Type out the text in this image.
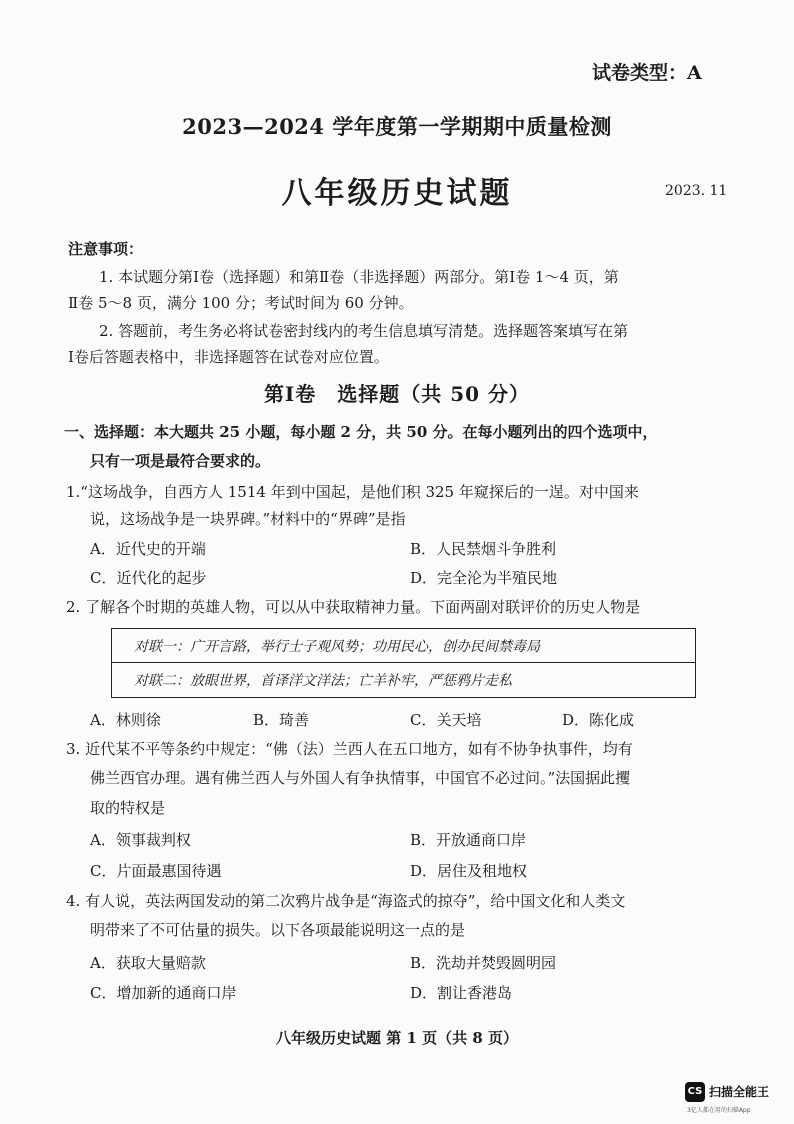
试卷类型：A
2023—2024 学年度第一学期期中质量检测
八年级历史试题	2023. 11
注意事项：
1. 本试题分第Ⅰ卷（选择题）和第Ⅱ卷（非选择题）两部分。第Ⅰ卷 1～4 页，第
Ⅱ卷 5～8 页，满分 100 分；考试时间为 60 分钟。
2. 答题前，考生务必将试卷密封线内的考生信息填写清楚。选择题答案填写在第
Ⅰ卷后答题表格中，非选择题答在试卷对应位置。
第Ⅰ卷　选择题（共 50 分）
一、选择题：本大题共 25 小题，每小题 2 分，共 50 分。在每小题列出的四个选项中，
只有一项是最符合要求的。
1.“这场战争，自西方人 1514 年到中国起，是他们积 325 年窥探后的一逞。对中国来
说，这场战争是一块界碑。”材料中的“界碑”是指
A．近代史的开端	B．人民禁烟斗争胜利
C．近代化的起步	D．完全沦为半殖民地
2. 了解各个时期的英雄人物，可以从中获取精神力量。下面两副对联评价的历史人物是
对联一：广开言路，举行士子观风势；功用民心，创办民间禁毒局
对联二：放眼世界，首译洋文洋法；亡羊补牢，严惩鸦片走私
A．林则徐	B．琦善	C．关天培	D．陈化成
3. 近代某不平等条约中规定：“佛（法）兰西人在五口地方，如有不协争执事件，均有
佛兰西官办理。遇有佛兰西人与外国人有争执情事，中国官不必过问。”法国据此攫
取的特权是
A．领事裁判权	B．开放通商口岸
C．片面最惠国待遇	D．居住及租地权
4. 有人说，英法两国发动的第二次鸦片战争是“海盗式的掠夺”，给中国文化和人类文
明带来了不可估量的损失。以下各项最能说明这一点的是
A．获取大量赔款	B．洗劫并焚毁圆明园
C．增加新的通商口岸	D．割让香港岛
八年级历史试题 第 1 页（共 8 页）
CS 扫描全能王
3亿人都在用的扫描App
